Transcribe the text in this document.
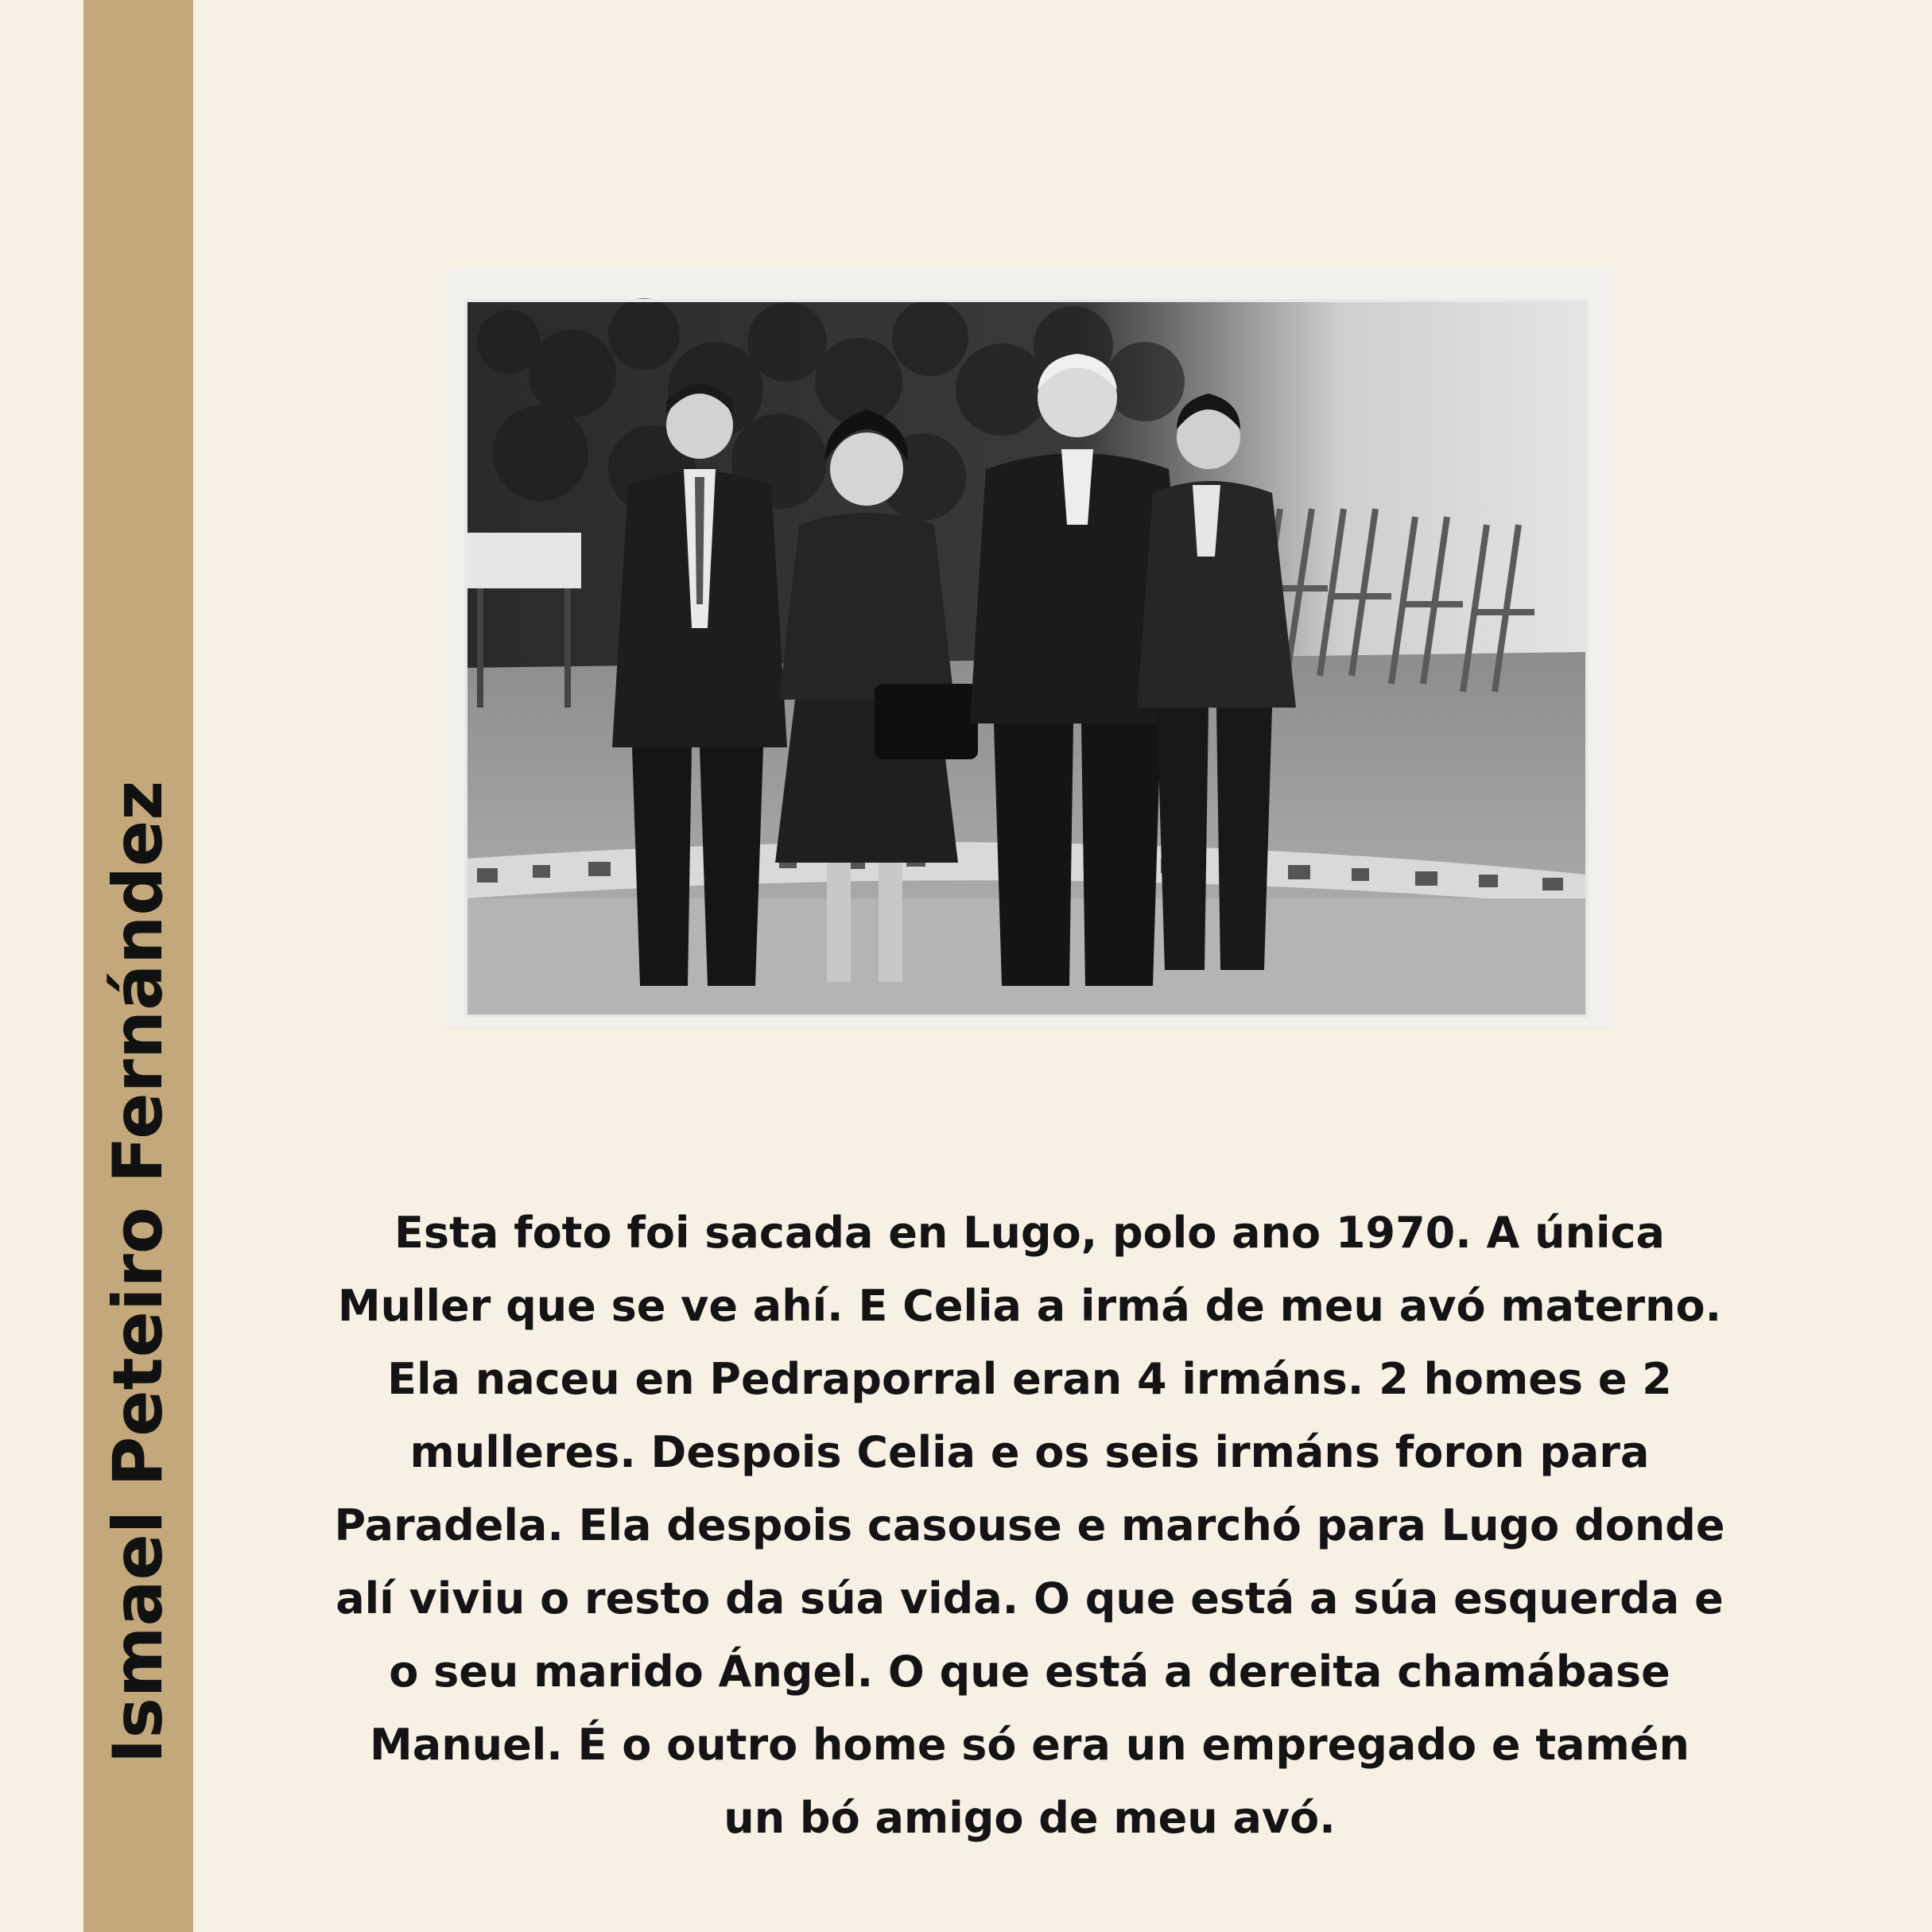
Ismael Peteiro Fernández	Esta foto foi sacada en Lugo, polo ano 1970. A única Muller que se ve ahí. E Celia a irmá de meu avó materno. Ela naceu en Pedraporral eran 4 irmáns. 2 homes e 2 mulleres. Despois Celia e os seis irmáns foron para Paradela. Ela despois casouse e marchó para Lugo donde alí viviu o resto da súa vida. O que está a súa esquerda e o seu marido Ángel. O que está a dereita chamábase Manuel. É o outro home só era un empregado e tamén un bó amigo de meu avó.
